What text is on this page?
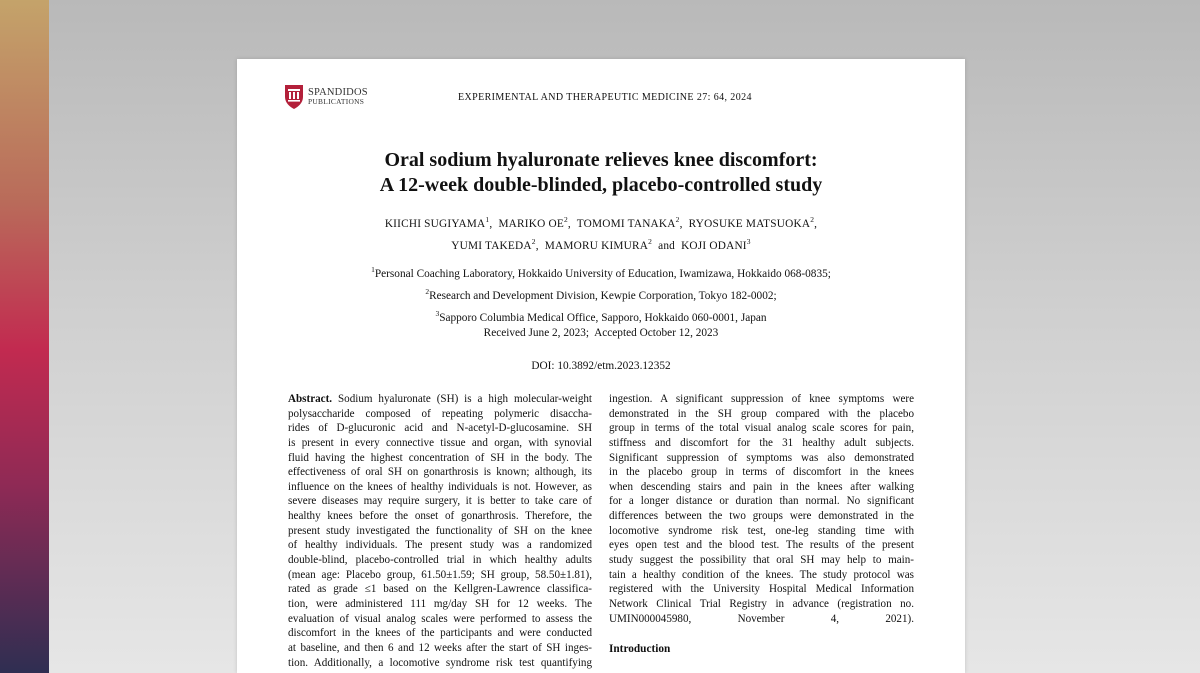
SPANDIDOS
PUBLICATIONS	EXPERIMENTAL AND THERAPEUTIC MEDICINE 27: 64, 2024
Oral sodium hyaluronate relieves knee discomfort:
A 12-week double-blinded, placebo-controlled study
KIICHI SUGIYAMA$^1$,  MARIKO $OE^2$,  TOMOMI TANAKA$^2$,  RYOSUKE MATSUOKA$^2$,
YUMI TAKEDA$^2$,  MAMORU KIMURA$^2$  and  KOJI ODANI$^3$
$^1$Personal Coaching Laboratory, Hokkaido University of Education, Iwamizawa, Hokkaido 068-0835;
$^2$Research and Development Division, Kewpie Corporation, Tokyo 182-0002;
$^3$Sapporo Columbia Medical Office, Sapporo, Hokkaido 060-0001, Japan
Received June 2, 2023;  Accepted October 12, 2023
DOI: 10.3892/etm.2023.12352
Abstract. Sodium hyaluronate (SH) is a high molecular-weight
polysaccharide composed of repeating polymeric disaccha-
rides of D-glucuronic acid and N-acetyl-D-glucosamine. SH
is present in every connective tissue and organ, with synovial
fluid having the highest concentration of SH in the body. The
effectiveness of oral SH on gonarthrosis is known; although, its
influence on the knees of healthy individuals is not. However, as
severe diseases may require surgery, it is better to take care of
healthy knees before the onset of gonarthrosis. Therefore, the
present study investigated the functionality of SH on the knee
of healthy individuals. The present study was a randomized
double-blind, placebo-controlled trial in which healthy adults
(mean age: Placebo group, 61.50±1.59; SH group, 58.50±1.81),
rated as grade ≤1 based on the Kellgren-Lawrence classifica-
tion, were administered 111 mg/day SH for 12 weeks. The
evaluation of visual analog scales were performed to assess the
discomfort in the knees of the participants and were conducted
at baseline, and then 6 and 12 weeks after the start of SH inges-
tion. Additionally, a locomotive syndrome risk test quantifying
ingestion. A significant suppression of knee symptoms were
demonstrated in the SH group compared with the placebo
group in terms of the total visual analog scale scores for pain,
stiffness and discomfort for the 31 healthy adult subjects.
Significant suppression of symptoms was also demonstrated
in the placebo group in terms of discomfort in the knees
when descending stairs and pain in the knees after walking
for a longer distance or duration than normal. No significant
differences between the two groups were demonstrated in the
locomotive syndrome risk test, one-leg standing time with
eyes open test and the blood test. The results of the present
study suggest the possibility that oral SH may help to main-
tain a healthy condition of the knees. The study protocol was
registered with the University Hospital Medical Information
Network Clinical Trial Registry in advance (registration no.
UMIN000045980, November 4, 2021).
Introduction
